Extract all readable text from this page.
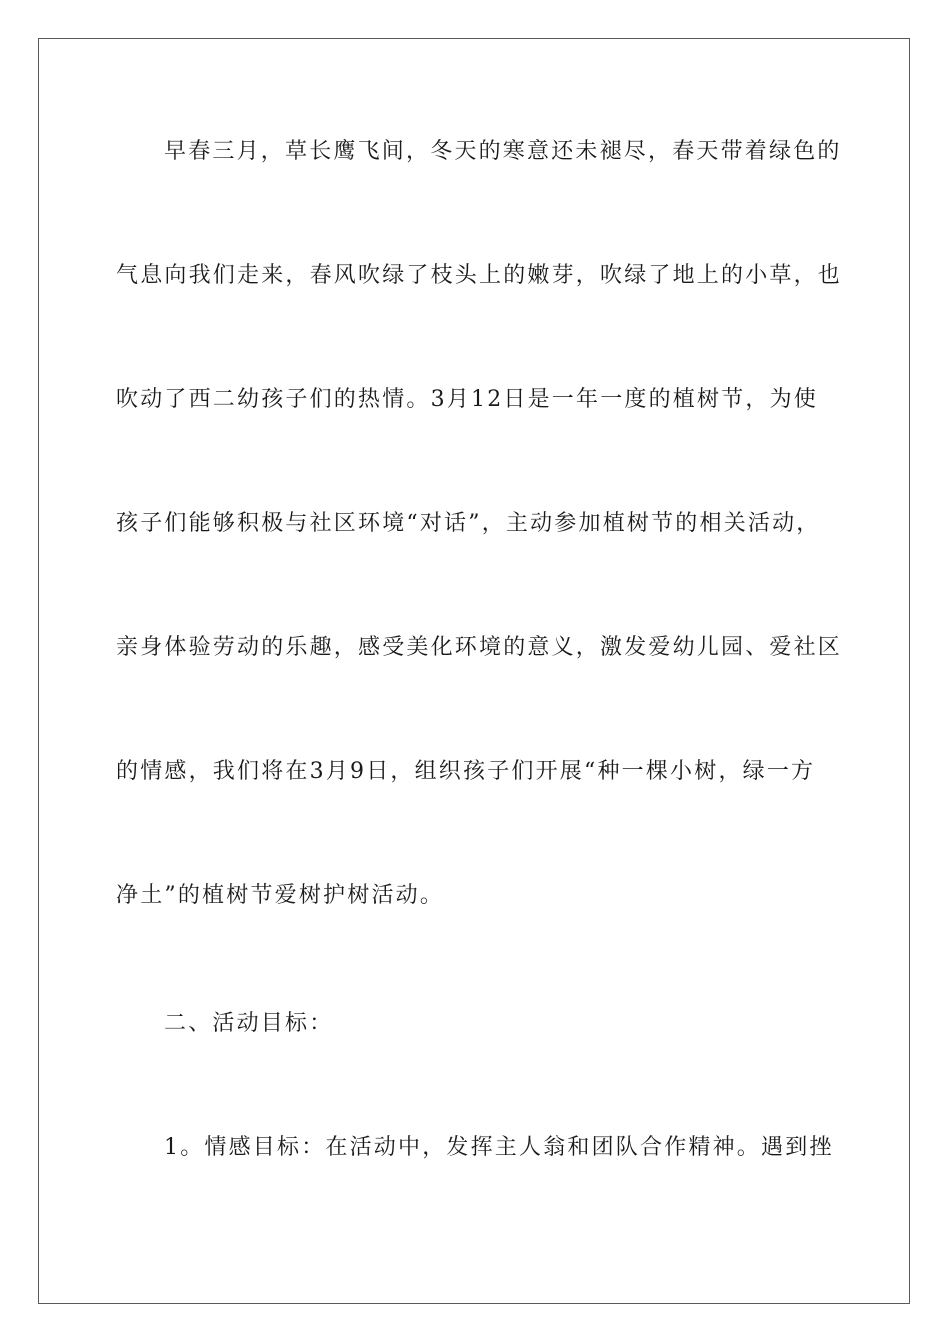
早春三月，草长鹰飞间，冬天的寒意还未褪尽，春天带着绿色的
气息向我们走来，春风吹绿了枝头上的嫩芽，吹绿了地上的小草，也
吹动了西二幼孩子们的热情。3月12日是一年一度的植树节，为使
孩子们能够积极与社区环境“对话”，主动参加植树节的相关活动，
亲身体验劳动的乐趣，感受美化环境的意义，激发爱幼儿园、爱社区
的情感，我们将在3月9日，组织孩子们开展“种一棵小树，绿一方
净土”的植树节爱树护树活动。
二、活动目标：
1。情感目标：在活动中，发挥主人翁和团队合作精神。遇到挫
